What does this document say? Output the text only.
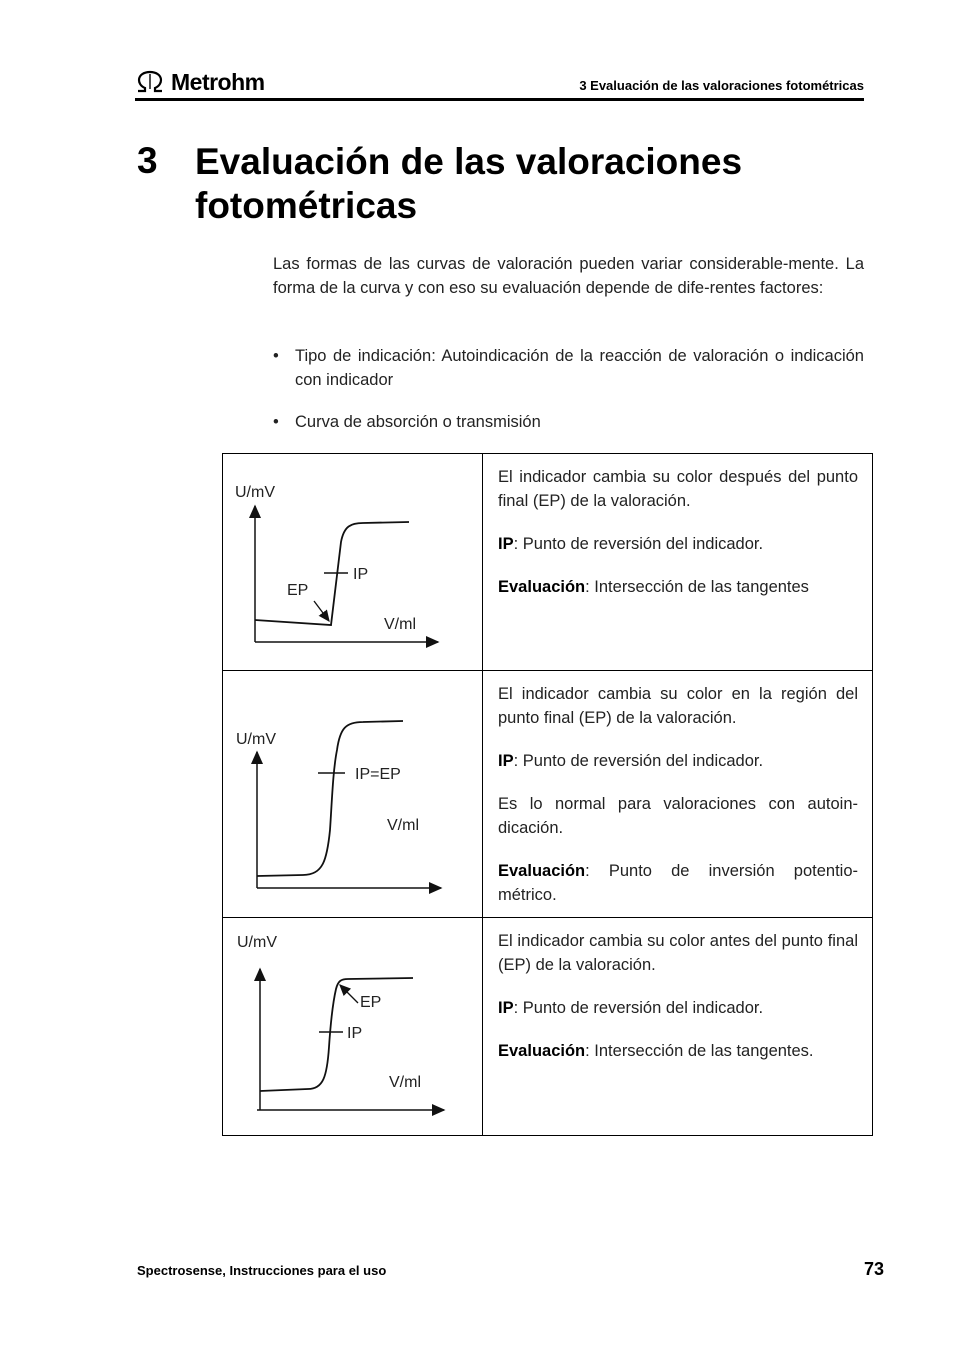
Metrohm	3 Evaluación de las valoraciones fotométricas
3 Evaluación de las valoraciones fotométricas
Las formas de las curvas de valoración pueden variar considerable-mente. La forma de la curva y con eso su evaluación depende de dife-rentes factores:
• Tipo de indicación: Autoindicación de la reacción de valoración o indicación con indicador
• Curva de absorción o transmisión
U/mV
IP
EP
V/ml

El indicador cambia su color después del punto final (EP) de la valoración.

IP: Punto de reversión del indicador.

Evaluación: Intersección de las tangentes

U/mV
IP=EP
V/ml

El indicador cambia su color en la región del punto final (EP) de la valoración.

IP: Punto de reversión del indicador.

Es lo normal para valoraciones con autoin-dicación.

Evaluación: Punto de inversión potentio-métrico.

U/mV
IP
EP
V/ml

El indicador cambia su color antes del punto final (EP) de la valoración.

IP: Punto de reversión del indicador.

Evaluación: Intersección de las tangentes.

Spectrosense, Instrucciones para el uso	73
